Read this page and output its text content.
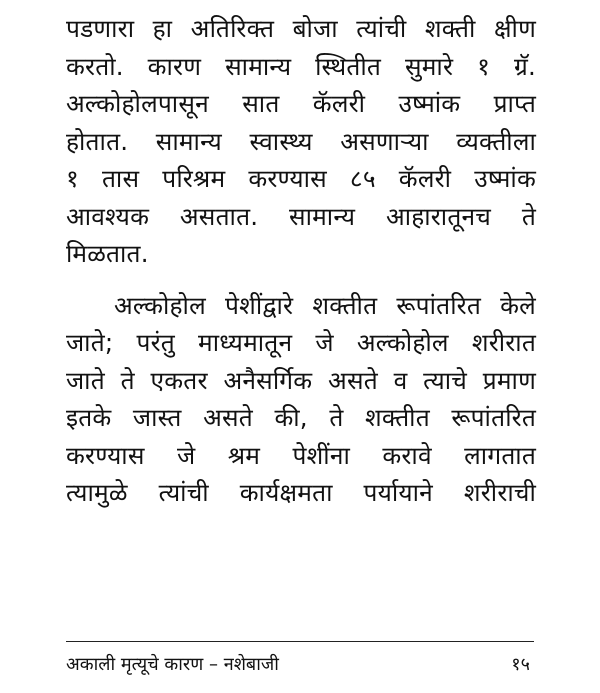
पडणारा हा अतिरिक्त बोजा त्यांची शक्ती क्षीण
करतो. कारण सामान्य स्थितीत सुमारे १ ग्रॅ.
अल्कोहोलपासून सात कॅलरी उष्मांक प्राप्त
होतात. सामान्य स्वास्थ्य असणाऱ्या व्यक्तीला
१ तास परिश्रम करण्यास ८५ कॅलरी उष्मांक
आवश्यक असतात. सामान्य आहारातूनच ते
मिळतात.

अल्कोहोल पेशींद्वारे शक्तीत रूपांतरित केले
जाते; परंतु माध्यमातून जे अल्कोहोल शरीरात
जाते ते एकतर अनैसर्गिक असते व त्याचे प्रमाण
इतके जास्त असते की, ते शक्तीत रूपांतरित
करण्यास जे श्रम पेशींना करावे लागतात
त्यामुळे त्यांची कार्यक्षमता पर्यायाने शरीराची

अकाली मृत्यूचे कारण – नशेबाजी	१५
